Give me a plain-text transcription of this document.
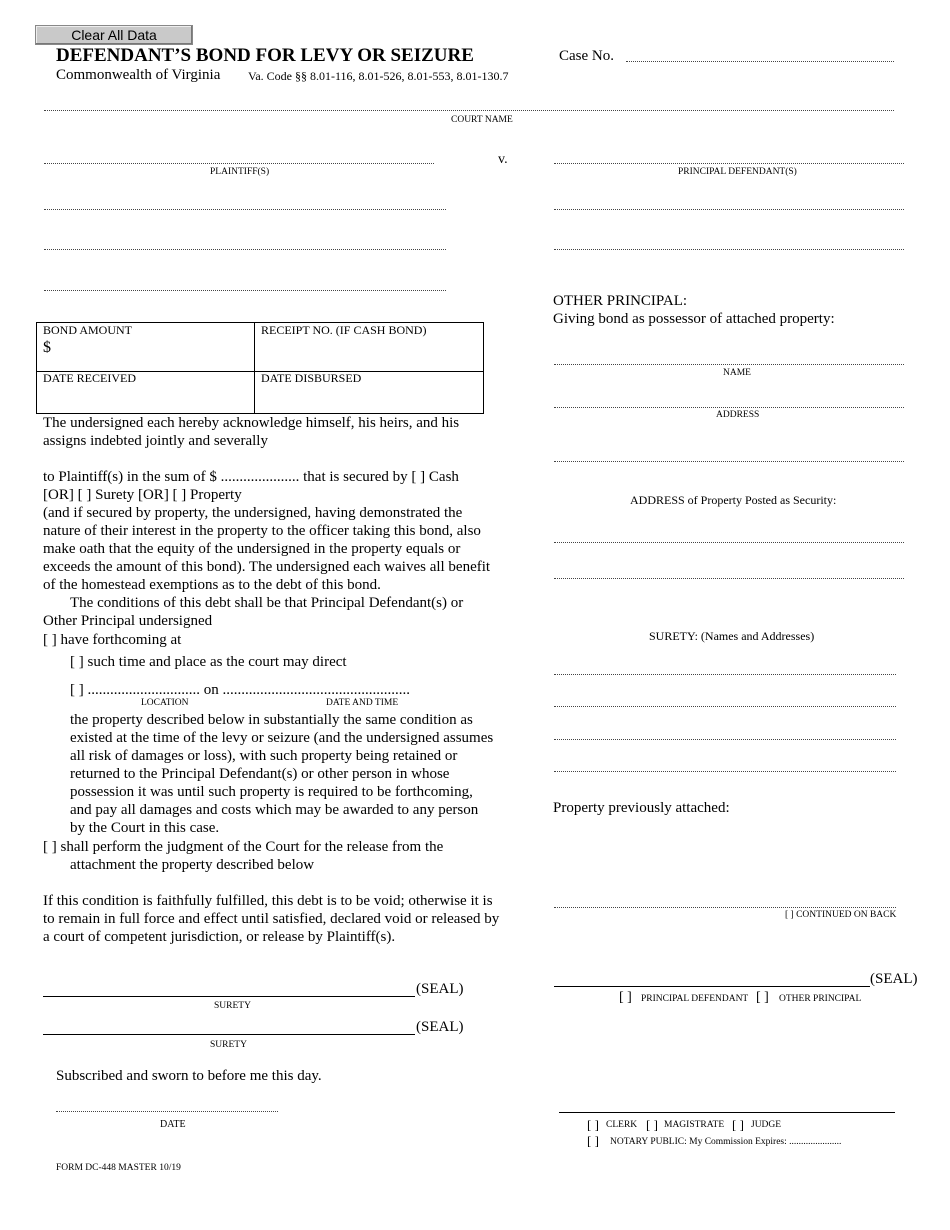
Clear All Data
DEFENDANT’S BOND FOR LEVY OR SEIZURE
Commonwealth of Virginia Va. Code §§ 8.01-116, 8.01-526, 8.01-553, 8.01-130.7
Case No.
COURT NAME
PLAINTIFF(S)
v.
PRINCIPAL DEFENDANT(S)
BOND AMOUNT
$
RECEIPT NO. (IF CASH BOND)
DATE RECEIVED	DATE DISBURSED
The undersigned each hereby acknowledge himself, his heirs, and his assigns indebted jointly and severally
to Plaintiff(s) in the sum of $ ..................... that is secured by [ ] Cash
[OR] [ ] Surety [OR] [ ] Property
(and if secured by property, the undersigned, having demonstrated the nature of their interest in the property to the officer taking this bond, also make oath that the equity of the undersigned in the property equals or exceeds the amount of this bond). The undersigned each waives all benefit of the homestead exemptions as to the debt of this bond.
The conditions of this debt shall be that Principal Defendant(s) or Other Principal undersigned
[ ] have forthcoming at
[ ] such time and place as the court may direct
[ ] .............................. on ..................................................
LOCATION	DATE AND TIME
the property described below in substantially the same condition as existed at the time of the levy or seizure (and the undersigned assumes all risk of damages or loss), with such property being retained or returned to the Principal Defendant(s) or other person in whose possession it was until such property is required to be forthcoming, and pay all damages and costs which may be awarded to any person by the Court in this case.
[ ] shall perform the judgment of the Court for the release from the
attachment the property described below
If this condition is faithfully fulfilled, this debt is to be void; otherwise it is to remain in full force and effect until satisfied, declared void or released by a court of competent jurisdiction, or release by Plaintiff(s).
(SEAL)
SURETY
(SEAL)
SURETY
Subscribed and sworn to before me this day.
DATE
FORM DC-448 MASTER 10/19
OTHER PRINCIPAL:
Giving bond as possessor of attached property:
NAME
ADDRESS
ADDRESS of Property Posted as Security:
SURETY: (Names and Addresses)
Property previously attached:
[ ] CONTINUED ON BACK
(SEAL)
[ ] PRINCIPAL DEFENDANT [ ] OTHER PRINCIPAL
[ ] CLERK [ ] MAGISTRATE [ ] JUDGE
[ ] NOTARY PUBLIC: My Commission Expires: ......................
